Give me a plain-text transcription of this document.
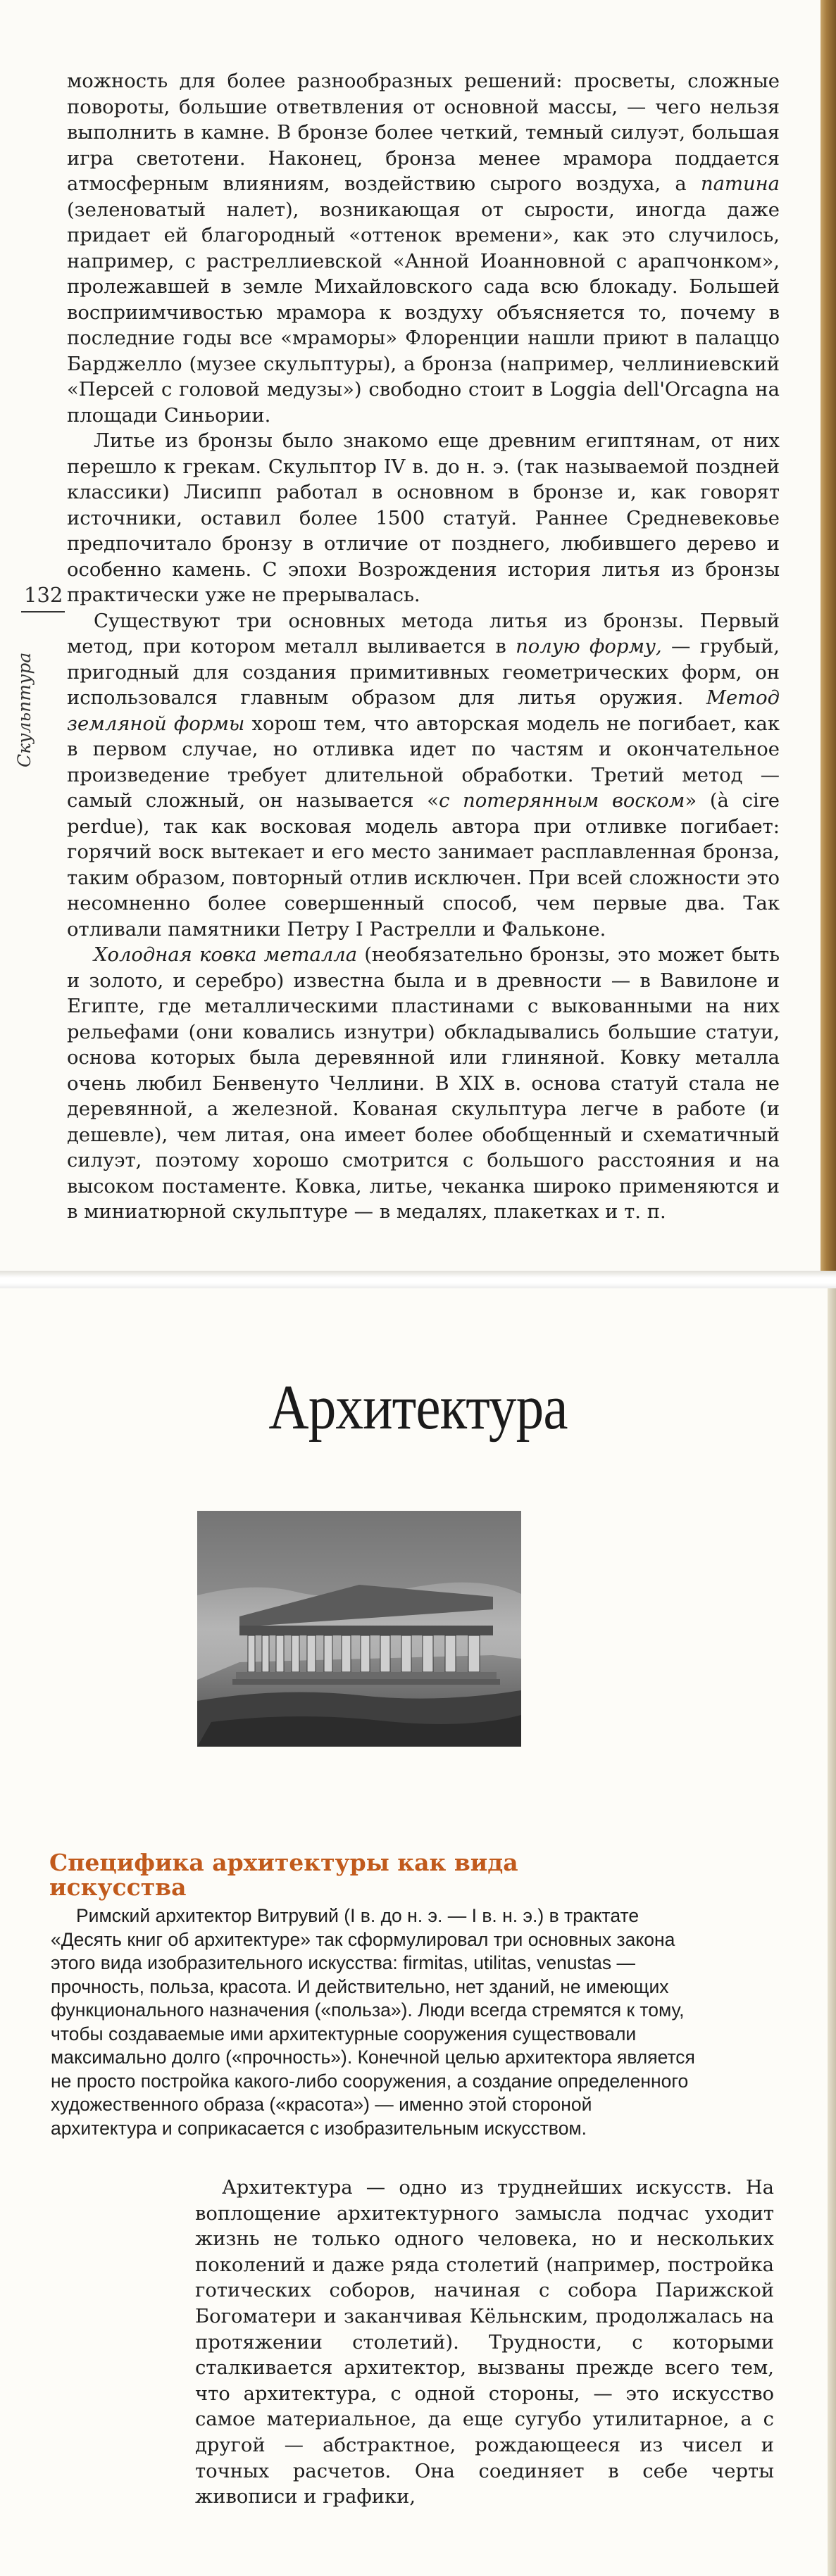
132
Скульптура

можность для более разнообразных решений: просветы, сложные повороты, большие ответвления от основной массы, — чего нельзя выполнить в камне. В бронзе более четкий, темный силуэт, большая игра светотени. Наконец, бронза менее мрамора поддается атмосферным влияниям, воздействию сырого воздуха, а патина (зеленоватый налет), возникающая от сырости, иногда даже придает ей благородный «оттенок времени», как это случилось, например, с растреллиевской «Анной Иоанновной с арапчонком», пролежавшей в земле Михайловского сада всю блокаду. Большей восприимчивостью мрамора к воздуху объясняется то, почему в последние годы все «мраморы» Флоренции нашли приют в палаццо Барджелло (музее скульптуры), а бронза (например, челлиниевский «Персей с головой медузы») свободно стоит в Loggia dell'Orcagna на площади Синьории.

Литье из бронзы было знакомо еще древним египтянам, от них перешло к грекам. Скульптор IV в. до н. э. (так называемой поздней классики) Лисипп работал в основном в бронзе и, как говорят источники, оставил более 1500 статуй. Раннее Средневековье предпочитало бронзу в отличие от позднего, любившего дерево и особенно камень. С эпохи Возрождения история литья из бронзы практически уже не прерывалась.

Существуют три основных метода литья из бронзы. Первый метод, при котором металл выливается в полую форму, — грубый, пригодный для создания примитивных геометрических форм, он использовался главным образом для литья оружия. Метод земляной формы хорош тем, что авторская модель не погибает, как в первом случае, но отливка идет по частям и окончательное произведение требует длительной обработки. Третий метод — самый сложный, он называется «с потерянным воском» (à cire perdue), так как восковая модель автора при отливке погибает: горячий воск вытекает и его место занимает расплавленная бронза, таким образом, повторный отлив исключен. При всей сложности это несомненно более совершенный способ, чем первые два. Так отливали памятники Петру I Растрелли и Фальконе.

Холодная ковка металла (необязательно бронзы, это может быть и золото, и серебро) известна была и в древности — в Вавилоне и Египте, где металлическими пластинами с выкованными на них рельефами (они ковались изнутри) обкладывались большие статуи, основа которых была деревянной или глиняной. Ковку металла очень любил Бенвенуто Челлини. В XIX в. основа статуй стала не деревянной, а железной. Кованая скульптура легче в работе (и дешевле), чем литая, она имеет более обобщенный и схематичный силуэт, поэтому хорошо смотрится с большого расстояния и на высоком постаменте. Ковка, литье, чеканка широко применяются и в миниатюрной скульптуре — в медалях, плакетках и т. п.

Архитектура
Специфика архитектуры как вида искусства

Римский архитектор Витрувий (I в. до н. э. — I в. н. э.) в трактате «Десять книг об архитектуре» так сформулировал три основных закона этого вида изобразительного искусства: firmitas, utilitas, venustas — прочность, польза, красота. И действительно, нет зданий, не имеющих функционального назначения («польза»). Люди всегда стремятся к тому, чтобы создаваемые ими архитектурные сооружения существовали максимально долго («прочность»). Конечной целью архитектора является не просто постройка какого-либо сооружения, а создание определенного художественного образа («красота») — именно этой стороной архитектура и соприкасается с изобразительным искусством.

Архитектура — одно из труднейших искусств. На воплощение архитектурного замысла подчас уходит жизнь не только одного человека, но и нескольких поколений и даже ряда столетий (например, постройка готических соборов, начиная с собора Парижской Богоматери и заканчивая Кёльнским, продолжалась на протяжении столетий). Трудности, с которыми сталкивается архитектор, вызваны прежде всего тем, что архитектура, с одной стороны, — это искусство самое материальное, да еще сугубо утилитарное, а с другой — абстрактное, рождающееся из чисел и точных расчетов. Она соединяет в себе черты живописи и графики,
